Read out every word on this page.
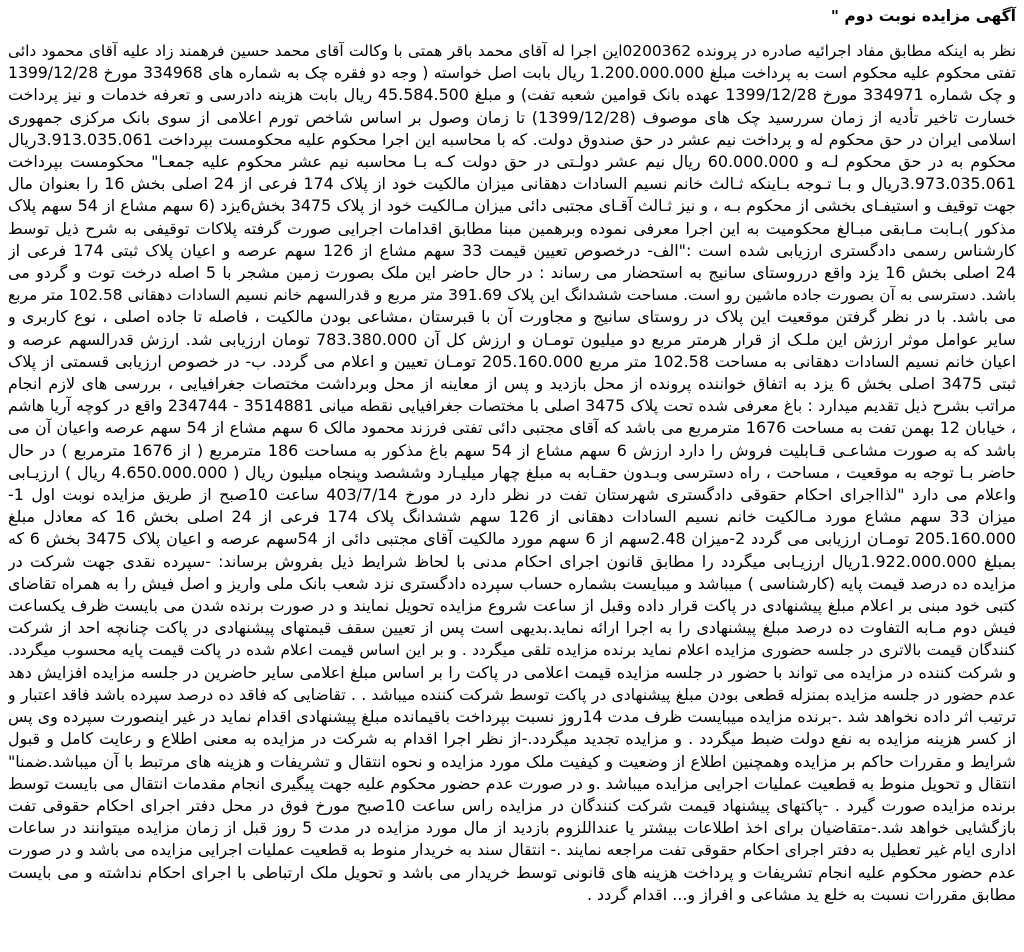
آگهی مزایده نوبت دوم "
نظر به اینکه مطابق مفاد اجرائیه صادره در پرونده 0200362این اجرا له آقای محمد باقر همتی با وکالت آقای محمد حسین فرهمند زاد علیه آقای محمود دائی
تفتی محکوم علیه محکوم است به پرداخت مبلغ 1.200.000.000 ریال بابت اصل خواسته ( وجه دو فقره چک به شماره های 334968 مورخ 1399/12/28
و چک شماره 334971 مورخ 1399/12/28 عهده بانک قوامین شعبه تفت) و مبلغ 45.584.500 ریال بابت هزینه دادرسی و تعرفه خدمات و نیز پرداخت
خسارت تاخیر تأدیه از زمان سررسید چک های موصوف (1399/12/28) تا زمان وصول بر اساس شاخص تورم اعلامی از سوی بانک مرکزی جمهوری
اسلامی ایران در حق محکوم له و پرداخت نیم عشر در حق صندوق دولت. که با محاسبه این اجرا محکوم علیه محکومست بپرداخت 3.913.035.061ریال
محکوم به در حق محکوم لـه و 60.000.000 ریال نیم عشر دولـتی در حق دولت کـه بـا محاسبه نیم عشر محکوم علیه جمعـا" محکومست بپرداخت
3.973.035.061ریال و بـا تـوجه بـاینکه ثـالث خانم نسیم السادات دهقانی میزان مالکیت خود از پلاک 174 فرعی از 24 اصلی بخش 16 را بعنوان مال
جهت توقیف و استیفـای بخشی از محکوم بـه ، و نیز ثـالث آقـای مجتبی دائی میزان مـالکیت خود از پلاک 3475 بخش6یزد (6 سهم مشاع از 54 سهم پلاک
مذکور )بـابت مـابقی مبـالغ محکومیت به این اجرا معرفی نموده وبرهمین مبنا مطابق اقدامات اجرایی صورت گرفته پلاکات توقیفی به شرح ذیل توسط
کارشناس رسمی دادگستری ارزیابی شده است :"الف- درخصوص تعیین قیمت 33 سهم مشاع از 126 سهم عرصه و اعیان پلاک ثبتی 174 فرعی از
24 اصلی بخش 16 یزد واقع درروستای سانیج به استحضار می رساند : در حال حاضر این ملک بصورت زمین مشجر با 5 اصله درخت توت و گردو می
باشد. دسترسی به آن بصورت جاده ماشین رو است. مساحت ششدانگ این پلاک 391.69 متر مربع و قدرالسهم خانم نسیم السادات دهقانی 102.58 متر مربع
می باشد. با در نظر گرفتن موقعیت این پلاک در روستای سانیج و مجاورت آن با قبرستان ،مشاعی بودن مالکیت ، فاصله تا جاده اصلی ، نوع کاربری و
سایر عوامل موثر ارزش این ملـک از قرار هرمتر مربع دو میلیون تومـان و ارزش کل آن 783.380.000 تومان ارزیابی شد. ارزش قدرالسهم عرصه و
اعیان خانم نسیم السادات دهقانی به مساحت 102.58 متر مربع 205.160.000 تومـان تعیین و اعلام می گردد. ب- در خصوص ارزیابی قسمتی از پلاک
ثبتی 3475 اصلی بخش 6 یزد به اتفاق خواننده پرونده از محل بازدید و پس از معاینه از محل وبرداشت مختصات جغرافیایی ، بررسی های لازم انجام
مراتب بشرح ذیل تقدیم میدارد : باغ معرفی شده تحت پلاک 3475 اصلی با مختصات جغرافیایی نقطه میانی 3514881 - 234744 واقع در کوچه آریا هاشم
، خیابان 12 بهمن تفت به مساحت 1676 مترمربع می باشد که آقای مجتبی دائی تفتی فرزند محمود مالک 6 سهم مشاع از 54 سهم عرصه واعیان آن می
باشد که به صورت مشاعـی قـابلیت فروش را دارد ارزش 6 سهم مشاع از 54 سهم باغ مذکور به مساحت 186 مترمربع ( از 1676 مترمربع ) در حال
حاضر بـا توجه به موقعیت ، مساحت ، راه دسترسی وبـدون حقـابه به مبلغ چهار میلیـارد وششصد وپنجاه میلیون ریال ( 4.650.000.000 ریال ) ارزیـابی
واعلام می دارد "لذااجرای احکام حقوقی دادگستری شهرستان تفت در نظر دارد در مورخ 403/7/14 ساعت 10صبح از طریق مزایده نوبت اول 1-
میزان 33 سهم مشاع مورد مـالکیت خانم نسیم السادات دهقانی از 126 سهم ششدانگ پلاک 174 فرعی از 24 اصلی بخش 16 که معادل مبلغ
205.160.000 تومـان ارزیابی می گردد 2-میزان 2.48سهم از 6 سهم مورد مالکیت آقای مجتبی دائی از 54سهم عرصه و اعیان پلاک 3475 بخش 6 که
بمبلغ 1.922.000.000ریال ارزیـابی میگردد را مطابق قانون اجرای احکام مدنی با لحاظ شرایط ذیل بفروش برساند: -سپرده نقدی جهت شرکت در
مزایده ده درصد قیمت پایه (کارشناسی ) میباشد و میبایست بشماره حساب سپرده دادگستری نزد شعب بانک ملی واریز و اصل فیش را به همراه تقاضای
کتبی خود مبنی بر اعلام مبلغ پیشنهادی در پاکت قرار داده وقبل از ساعت شروع مزایده تحویل نمایند و در صورت برنده شدن می بایست ظرف یکساعت
فیش دوم مـابه التفاوت ده درصد مبلغ پیشنهادی را به اجرا ارائه نماید.بدیهی است پس از تعیین سقف قیمتهای پیشنهادی در پاکت چنانچه احد از شرکت
کنندگان قیمت بالاتری در جلسه حضوری مزایده اعلام نماید برنده مزایده تلقی میگردد . و بر این اساس قیمت اعلام شده در پاکت قیمت پایه محسوب میگردد.
و شرکت کننده در مزایده می تواند با حضور در جلسه مزایده قیمت اعلامی در پاکت را بر اساس مبلغ اعلامی سایر حاضرین در جلسه مزایده افزایش دهد
عدم حضور در جلسه مزایده بمنزله قطعی بودن مبلغ پیشنهادی در پاکت توسط شرکت کننده میباشد . . تقاضایی که فاقد ده درصد سپرده باشد فاقد اعتبار و
ترتیب اثر داده نخواهد شد .-برنده مزایده میبایست ظرف مدت 14روز نسبت بپرداخت باقیمانده مبلغ پیشنهادی اقدام نماید در غیر اینصورت سپرده وی پس
از کسر هزینه مزایده به نفع دولت ضبط میگردد . و مزایده تجدید میگردد.-از نظر اجرا اقدام به شرکت در مزایده به معنی اطلاع و رعایت کامل و قبول
شرایط و مقررات حاکم بر مزایده وهمچنین اطلاع از وضعیت و کیفیت ملک مورد مزایده و نحوه انتقال و تشریفات و هزینه های مرتبط با آن میباشد.ضمنا"
انتقال و تحویل منوط به قطعیت عملیات اجرایی مزایده میباشد .و در صورت عدم حضور محکوم علیه جهت پیگیری انجام مقدمات انتقال می بایست توسط
برنده مزایده صورت گیرد . -پاکتهای پیشنهاد قیمت شرکت کنندگان در مزایده راس ساعت 10صبح مورخ فوق در محل دفتر اجرای احکام حقوقی تفت
بازگشایی خواهد شد.-متقاضیان برای اخذ اطلاعات بیشتر یا عنداللزوم بازدید از مال مورد مزایده در مدت 5 روز قبل از زمان مزایده میتوانند در ساعات
اداری ایام غیر تعطیل به دفتر اجرای احکام حقوقی تفت مراجعه نمایند .- انتقال سند به خریدار منوط به قطعیت عملیات اجرایی مزایده می باشد و در صورت
عدم حضور محکوم علیه انجام تشریفات و پرداخت هزینه های قانونی توسط خریدار می باشد و تحویل ملک ارتباطی با اجرای احکام نداشته و می بایست
مطابق مقررات نسبت به خلع ید مشاعی و افراز و... اقدام گردد .
